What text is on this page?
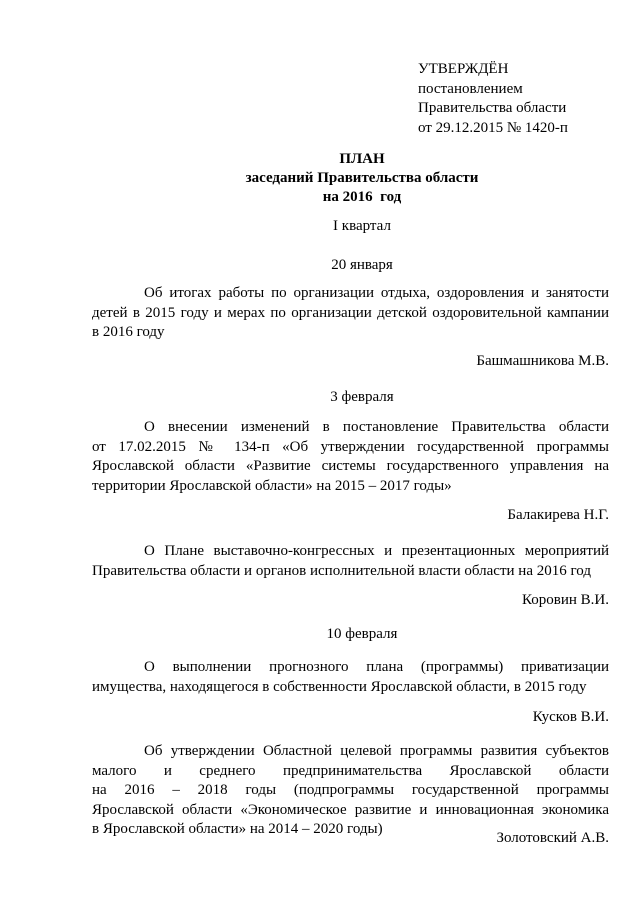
УТВЕРЖДЁН
постановлением
Правительства области
от 29.12.2015 № 1420-п
ПЛАН
заседаний Правительства области
на 2016  год
I квартал
20 января
Об итогах работы по организации отдыха, оздоровления и занятости
детей в 2015 году и мерах по организации детской оздоровительной кампании
в 2016 году
Башмашникова М.В.
3 февраля
О внесении изменений в постановление Правительства области
от 17.02.2015 № 134-п «Об утверждении государственной программы
Ярославской области «Развитие системы государственного управления на
территории Ярославской области» на 2015 – 2017 годы»
Балакирева Н.Г.
О Плане выставочно-конгрессных и презентационных мероприятий
Правительства области и органов исполнительной власти области на 2016 год
Коровин В.И.
10 февраля
О выполнении прогнозного плана (программы) приватизации
имущества, находящегося в собственности Ярославской области, в 2015 году
Кусков В.И.
Об утверждении Областной целевой программы развития субъектов
малого и среднего предпринимательства Ярославской области
на 2016 – 2018 годы (подпрограммы государственной программы
Ярославской области «Экономическое развитие и инновационная экономика
в Ярославской области» на 2014 – 2020 годы)
Золотовский А.В.
